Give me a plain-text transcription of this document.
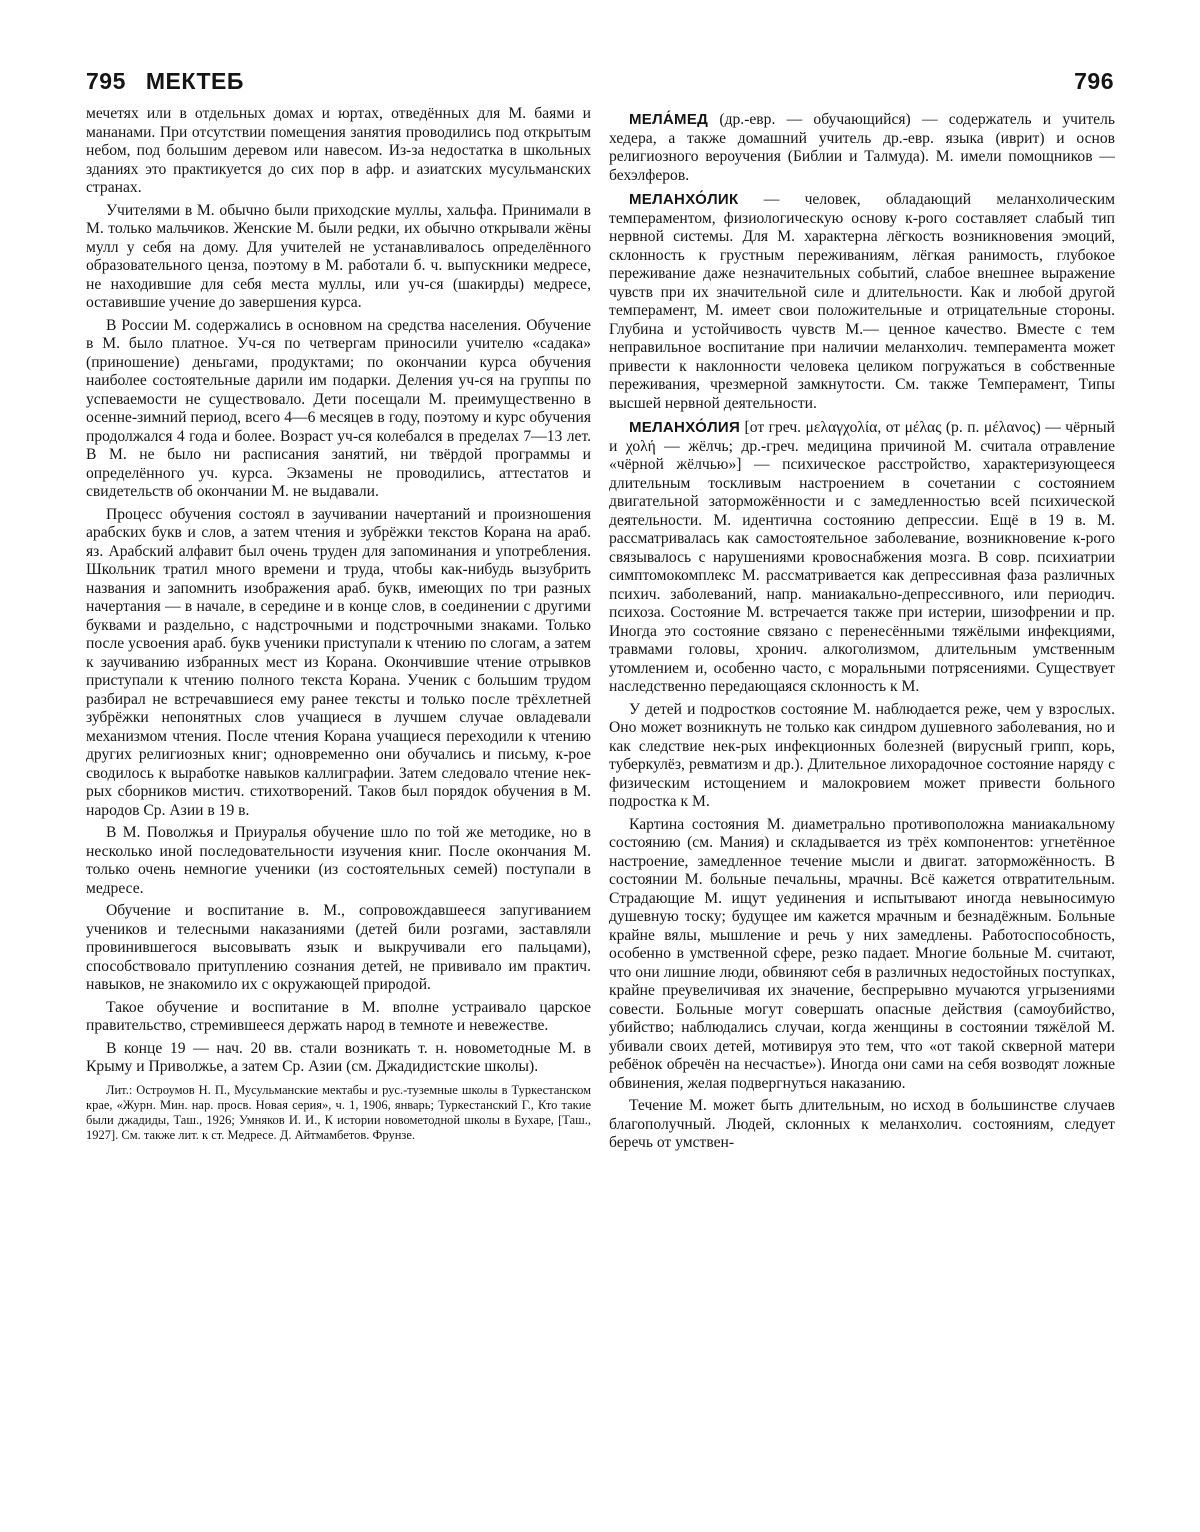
795 МЕКТЕБ	796

мечетях или в отдельных домах и юртах, отведённых для М. баями и мананами. При отсутствии помещения занятия проводились под открытым небом, под большим деревом или навесом. Из-за недостатка в школьных зданиях это практикуется до сих пор в афр. и азиатских мусульманских странах.

Учителями в М. обычно были приходские муллы, хальфа. Принимали в М. только мальчиков. Женские М. были редки, их обычно открывали жёны мулл у себя на дому. Для учителей не устанавливалось определённого образовательного ценза, поэтому в М. работали б. ч. выпускники медресе, не находившие для себя места муллы, или уч-ся (шакирды) медресе, оставившие учение до завершения курса.

В России М. содержались в основном на средства населения. Обучение в М. было платное. Уч-ся по четвергам приносили учителю «садака» (приношение) деньгами, продуктами; по окончании курса обучения наиболее состоятельные дарили им подарки. Деления уч-ся на группы по успеваемости не существовало. Дети посещали М. преимущественно в осенне-зимний период, всего 4—6 месяцев в году, поэтому и курс обучения продолжался 4 года и более. Возраст уч-ся колебался в пределах 7—13 лет. В М. не было ни расписания занятий, ни твёрдой программы и определённого уч. курса. Экзамены не проводились, аттестатов и свидетельств об окончании М. не выдавали.

Процесс обучения состоял в заучивании начертаний и произношения арабских букв и слов, а затем чтения и зубрёжки текстов Корана на араб. яз. Арабский алфавит был очень труден для запоминания и употребления. Школьник тратил много времени и труда, чтобы как-нибудь вызубрить названия и запомнить изображения араб. букв, имеющих по три разных начертания — в начале, в середине и в конце слов, в соединении с другими буквами и раздельно, с надстрочными и подстрочными знаками. Только после усвоения араб. букв ученики приступали к чтению по слогам, а затем к заучиванию избранных мест из Корана. Окончившие чтение отрывков приступали к чтению полного текста Корана. Ученик с большим трудом разбирал не встречавшиеся ему ранее тексты и только после трёхлетней зубрёжки непонятных слов учащиеся в лучшем случае овладевали механизмом чтения. После чтения Корана учащиеся переходили к чтению других религиозных книг; одновременно они обучались и письму, к-рое сводилось к выработке навыков каллиграфии. Затем следовало чтение нек-рых сборников мистич. стихотворений. Таков был порядок обучения в М. народов Ср. Азии в 19 в.

В М. Поволжья и Приуралья обучение шло по той же методике, но в несколько иной последовательности изучения книг. После окончания М. только очень немногие ученики (из состоятельных семей) поступали в медресе.

Обучение и воспитание в. М., сопровождавшееся запугиванием учеников и телесными наказаниями (детей били розгами, заставляли провинившегося высовывать язык и выкручивали его пальцами), способствовало притуплению сознания детей, не прививало им практич. навыков, не знакомило их с окружающей природой.

Такое обучение и воспитание в М. вполне устраивало царское правительство, стремившееся держать народ в темноте и невежестве.

В конце 19 — нач. 20 вв. стали возникать т. н. новометодные М. в Крыму и Приволжье, а затем Ср. Азии (см. Джадидистские школы).

Лит.: Остроумов Н. П., Мусульманские мектабы и рус.-туземные школы в Туркестанском крае, «Журн. Мин. нар. просв. Новая серия», ч. 1, 1906, январь; Туркестанский Г., Кто такие были джадиды, Таш., 1926; Умняков И. И., К истории новометодной школы в Бухаре, [Таш., 1927]. См. также лит. к ст. Медресе. Д. Айтмамбетов. Фрунзе.

МЕЛА́МЕД (др.-евр. — обучающийся) — содержатель и учитель хедера, а также домашний учитель др.-евр. языка (иврит) и основ религиозного вероучения (Библии и Талмуда). М. имели помощников — бехэлферов.

МЕЛАНХО́ЛИК — человек, обладающий меланхолическим темпераментом, физиологическую основу к-рого составляет слабый тип нервной системы. Для М. характерна лёгкость возникновения эмоций, склонность к грустным переживаниям, лёгкая ранимость, глубокое переживание даже незначительных событий, слабое внешнее выражение чувств при их значительной силе и длительности. Как и любой другой темперамент, М. имеет свои положительные и отрицательные стороны. Глубина и устойчивость чувств М.— ценное качество. Вместе с тем неправильное воспитание при наличии меланхолич. темперамента может привести к наклонности человека целиком погружаться в собственные переживания, чрезмерной замкнутости. См. также Темперамент, Типы высшей нервной деятельности.

МЕЛАНХО́ЛИЯ [от греч. μελαγχολία, от μέλας (р. п. μέλανος) — чёрный и χολή — жёлчь; др.-греч. медицина причиной М. считала отравление «чёрной жёлчью»] — психическое расстройство, характеризующееся длительным тоскливым настроением в сочетании с состоянием двигательной заторможённости и с замедленностью всей психической деятельности. М. идентична состоянию депрессии. Ещё в 19 в. М. рассматривалась как самостоятельное заболевание, возникновение к-рого связывалось с нарушениями кровоснабжения мозга. В совр. психиатрии симптомокомплекс М. рассматривается как депрессивная фаза различных психич. заболеваний, напр. маниакально-депрессивного, или периодич. психоза. Состояние М. встречается также при истерии, шизофрении и пр. Иногда это состояние связано с перенесёнными тяжёлыми инфекциями, травмами головы, хронич. алкоголизмом, длительным умственным утомлением и, особенно часто, с моральными потрясениями. Существует наследственно передающаяся склонность к М.

У детей и подростков состояние М. наблюдается реже, чем у взрослых. Оно может возникнуть не только как синдром душевного заболевания, но и как следствие нек-рых инфекционных болезней (вирусный грипп, корь, туберкулёз, ревматизм и др.). Длительное лихорадочное состояние наряду с физическим истощением и малокровием может привести больного подростка к М.

Картина состояния М. диаметрально противоположна маниакальному состоянию (см. Мания) и складывается из трёх компонентов: угнетённое настроение, замедленное течение мысли и двигат. заторможённость. В состоянии М. больные печальны, мрачны. Всё кажется отвратительным. Страдающие М. ищут уединения и испытывают иногда невыносимую душевную тоску; будущее им кажется мрачным и безнадёжным. Больные крайне вялы, мышление и речь у них замедлены. Работоспособность, особенно в умственной сфере, резко падает. Многие больные М. считают, что они лишние люди, обвиняют себя в различных недостойных поступках, крайне преувеличивая их значение, беспрерывно мучаются угрызениями совести. Больные могут совершать опасные действия (самоубийство, убийство; наблюдались случаи, когда женщины в состоянии тяжёлой М. убивали своих детей, мотивируя это тем, что «от такой скверной матери ребёнок обречён на несчастье»). Иногда они сами на себя возводят ложные обвинения, желая подвергнуться наказанию.

Течение М. может быть длительным, но исход в большинстве случаев благополучный. Людей, склонных к меланхолич. состояниям, следует беречь от умствен-
